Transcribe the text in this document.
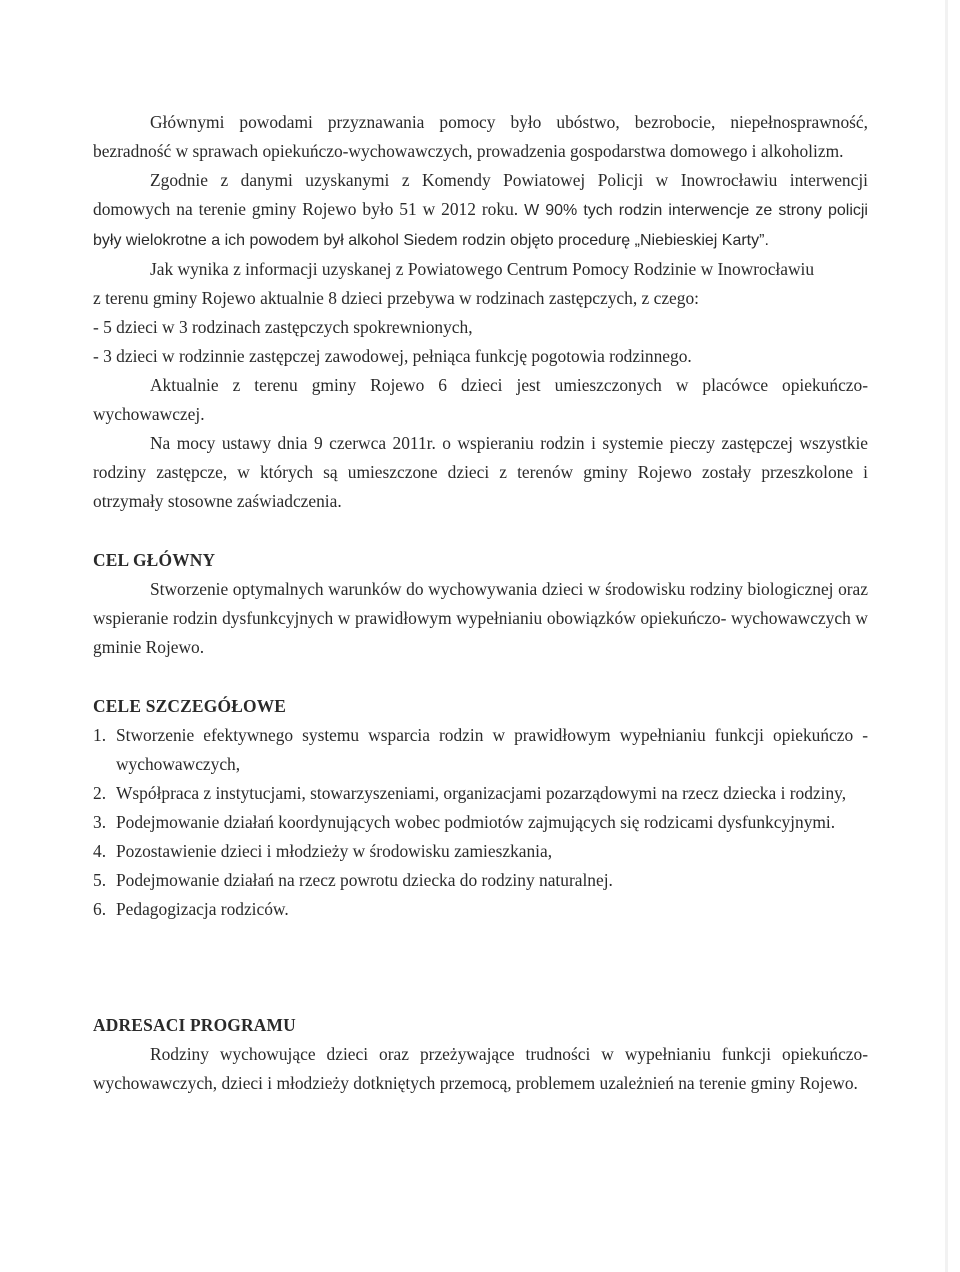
Głównymi powodami przyznawania pomocy było ubóstwo, bezrobocie, niepełnosprawność, bezradność w sprawach opiekuńczo-wychowawczych, prowadzenia gospodarstwa domowego i alkoholizm.

Zgodnie z danymi uzyskanymi z Komendy Powiatowej Policji w Inowrocławiu interwencji domowych na terenie gminy Rojewo było 51 w 2012 roku. W 90% tych rodzin interwencje ze strony policji były wielokrotne a ich powodem był alkohol Siedem rodzin objęto procedurę „Niebieskiej Karty”.

Jak wynika z informacji uzyskanej z Powiatowego Centrum Pomocy Rodzinie w Inowrocławiu

z terenu gminy Rojewo aktualnie 8 dzieci przebywa w rodzinach zastępczych, z czego:

- 5 dzieci w 3 rodzinach zastępczych spokrewnionych,

- 3 dzieci w rodzinnie zastępczej zawodowej, pełniąca funkcję pogotowia rodzinnego.

Aktualnie z terenu gminy Rojewo 6 dzieci jest umieszczonych w placówce opiekuńczo-wychowawczej.

Na mocy ustawy dnia 9 czerwca 2011r. o wspieraniu rodzin i systemie pieczy zastępczej wszystkie rodziny zastępcze, w których są umieszczone dzieci z terenów gminy Rojewo zostały przeszkolone i otrzymały stosowne zaświadczenia.

CEL GŁÓWNY

Stworzenie optymalnych warunków do wychowywania dzieci w środowisku rodziny biologicznej oraz wspieranie rodzin dysfunkcyjnych w prawidłowym wypełnianiu obowiązków opiekuńczo- wychowawczych w gminie Rojewo.

CELE SZCZEGÓŁOWE

1. Stworzenie efektywnego systemu wsparcia rodzin w prawidłowym wypełnianiu funkcji opiekuńczo -wychowawczych,
2. Współpraca z instytucjami, stowarzyszeniami, organizacjami pozarządowymi na rzecz dziecka i rodziny,
3. Podejmowanie działań koordynujących wobec podmiotów zajmujących się rodzicami dysfunkcyjnymi.
4. Pozostawienie dzieci i młodzieży w środowisku zamieszkania,
5. Podejmowanie działań na rzecz powrotu dziecka do rodziny naturalnej.
6. Pedagogizacja rodziców.

ADRESACI PROGRAMU

Rodziny wychowujące dzieci oraz przeżywające trudności w wypełnianiu funkcji opiekuńczo-wychowawczych, dzieci i młodzieży dotkniętych przemocą, problemem uzależnień na terenie gminy Rojewo.
